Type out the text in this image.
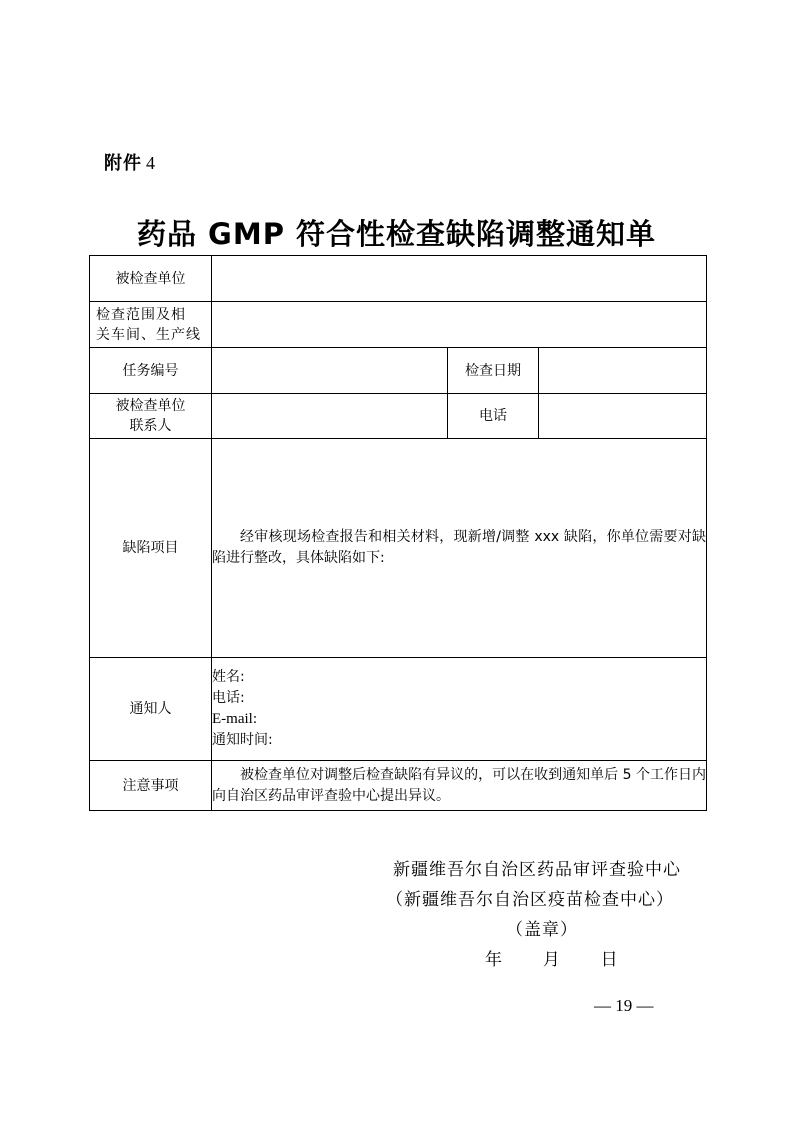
附件 4
药品 GMP 符合性检查缺陷调整通知单
被检查单位			

检查范围及相
关车间、生产线			

任务编号		检查日期	

被检查单位
联系人		电话	
缺陷项目	经审核现场检查报告和相关材料，现新增/调整 xxx 缺陷，你单位需要对缺陷进行整改，具体缺陷如下:		

通知人	姓名:
电话:
E-mail:
通知时间:		

注意事项	被检查单位对调整后检查缺陷有异议的，可以在收到通知单后 5 个工作日内向自治区药品审评查验中心提出异议。		
新疆维吾尔自治区药品审评查验中心
（新疆维吾尔自治区疫苗检查中心）
（盖章）
年 月 日
— 19 —
